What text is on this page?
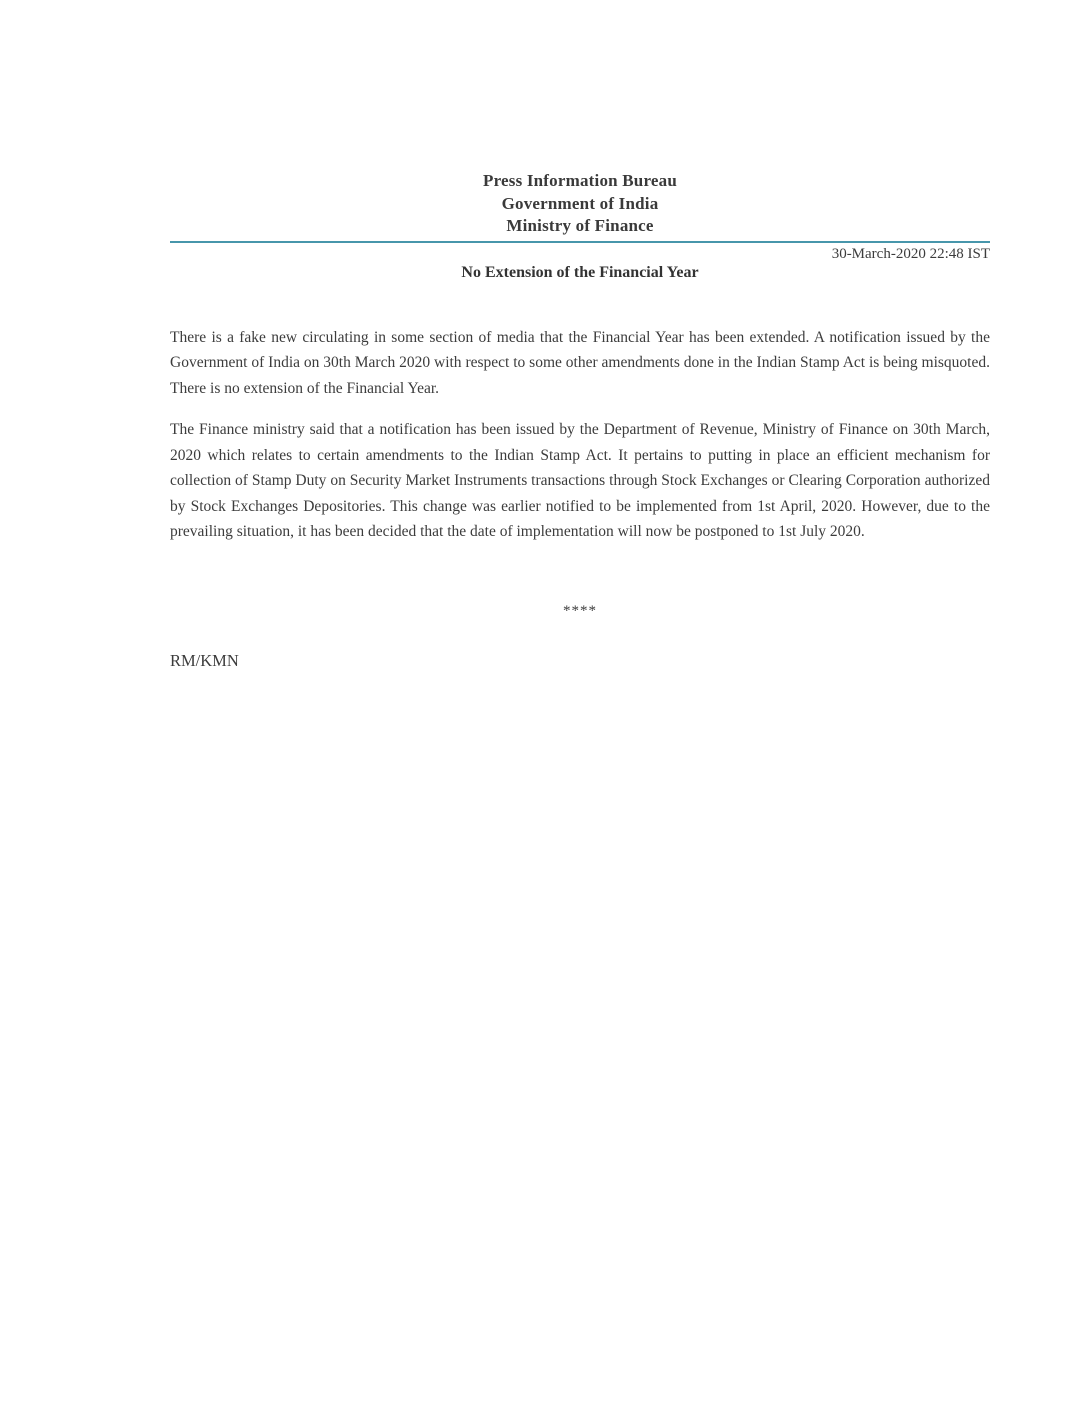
Press Information Bureau
Government of India
Ministry of Finance
30-March-2020 22:48 IST
No Extension of the Financial Year

There is a fake new circulating in some section of media that the Financial Year has been extended. A notification issued by the Government of India on 30th March 2020 with respect to some other amendments done in the Indian Stamp Act is being misquoted. There is no extension of the Financial Year.

The Finance ministry said that a notification has been issued by the Department of Revenue, Ministry of Finance on 30th March, 2020 which relates to certain amendments to the Indian Stamp Act. It pertains to putting in place an efficient mechanism for collection of Stamp Duty on Security Market Instruments transactions through Stock Exchanges or Clearing Corporation authorized by Stock Exchanges Depositories. This change was earlier notified to be implemented from 1st April, 2020. However, due to the prevailing situation, it has been decided that the date of implementation will now be postponed to 1st July 2020.

****
RM/KMN
